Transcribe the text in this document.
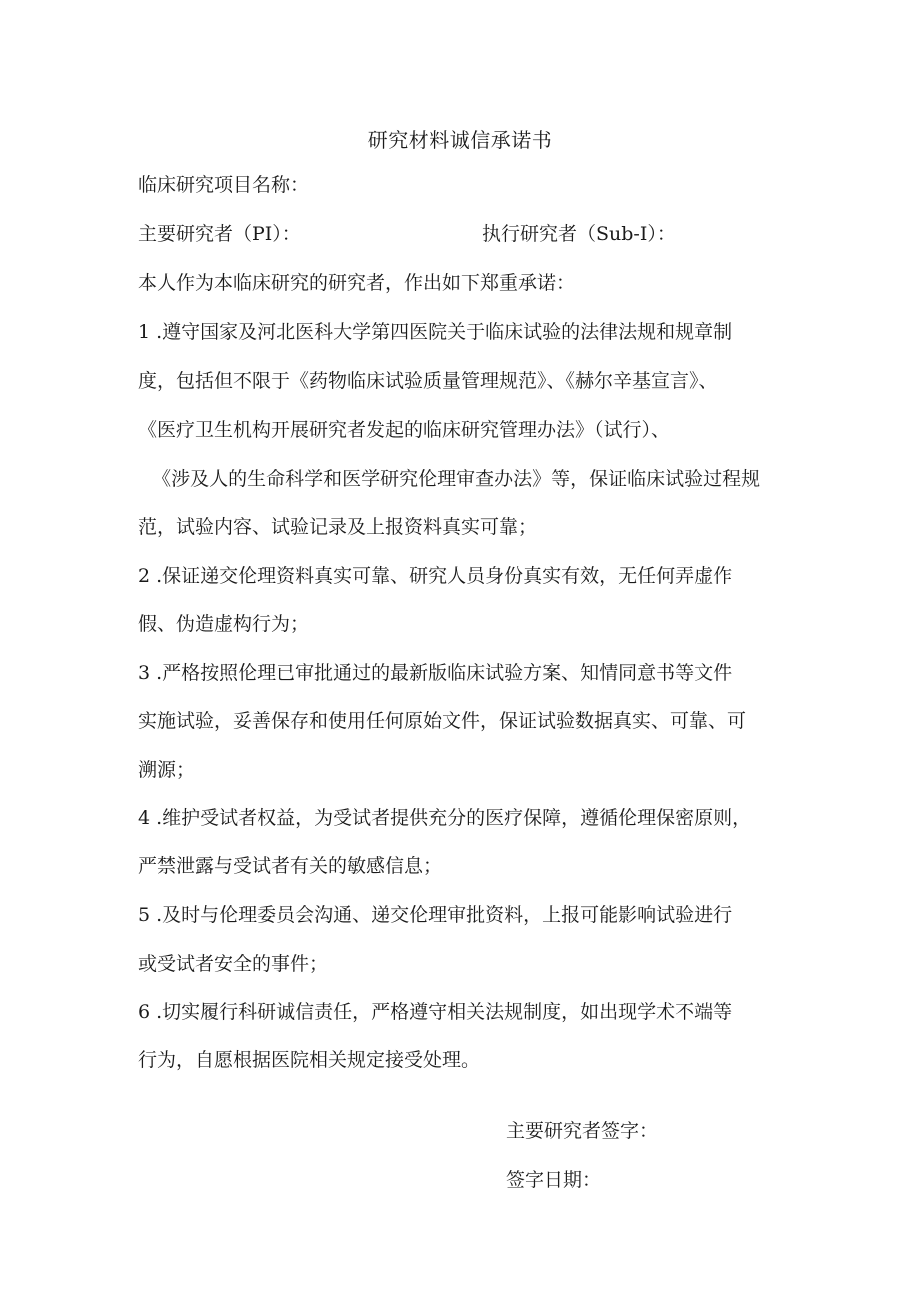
研究材料诚信承诺书
临床研究项目名称：
主要研究者（PI）：	执行研究者（Sub-I）：
本人作为本临床研究的研究者，作出如下郑重承诺：
1 .遵守国家及河北医科大学第四医院关于临床试验的法律法规和规章制
度，包括但不限于《药物临床试验质量管理规范》、《赫尔辛基宣言》、
《医疗卫生机构开展研究者发起的临床研究管理办法》（试行）、
《涉及人的生命科学和医学研究伦理审查办法》等，保证临床试验过程规
范，试验内容、试验记录及上报资料真实可靠；
2 .保证递交伦理资料真实可靠、研究人员身份真实有效，无任何弄虚作
假、伪造虚构行为；
3 .严格按照伦理已审批通过的最新版临床试验方案、知情同意书等文件
实施试验，妥善保存和使用任何原始文件，保证试验数据真实、可靠、可
溯源；
4 .维护受试者权益，为受试者提供充分的医疗保障，遵循伦理保密原则，
严禁泄露与受试者有关的敏感信息；
5 .及时与伦理委员会沟通、递交伦理审批资料，上报可能影响试验进行
或受试者安全的事件；
6 .切实履行科研诚信责任，严格遵守相关法规制度，如出现学术不端等
行为，自愿根据医院相关规定接受处理。
主要研究者签字：
签字日期：
